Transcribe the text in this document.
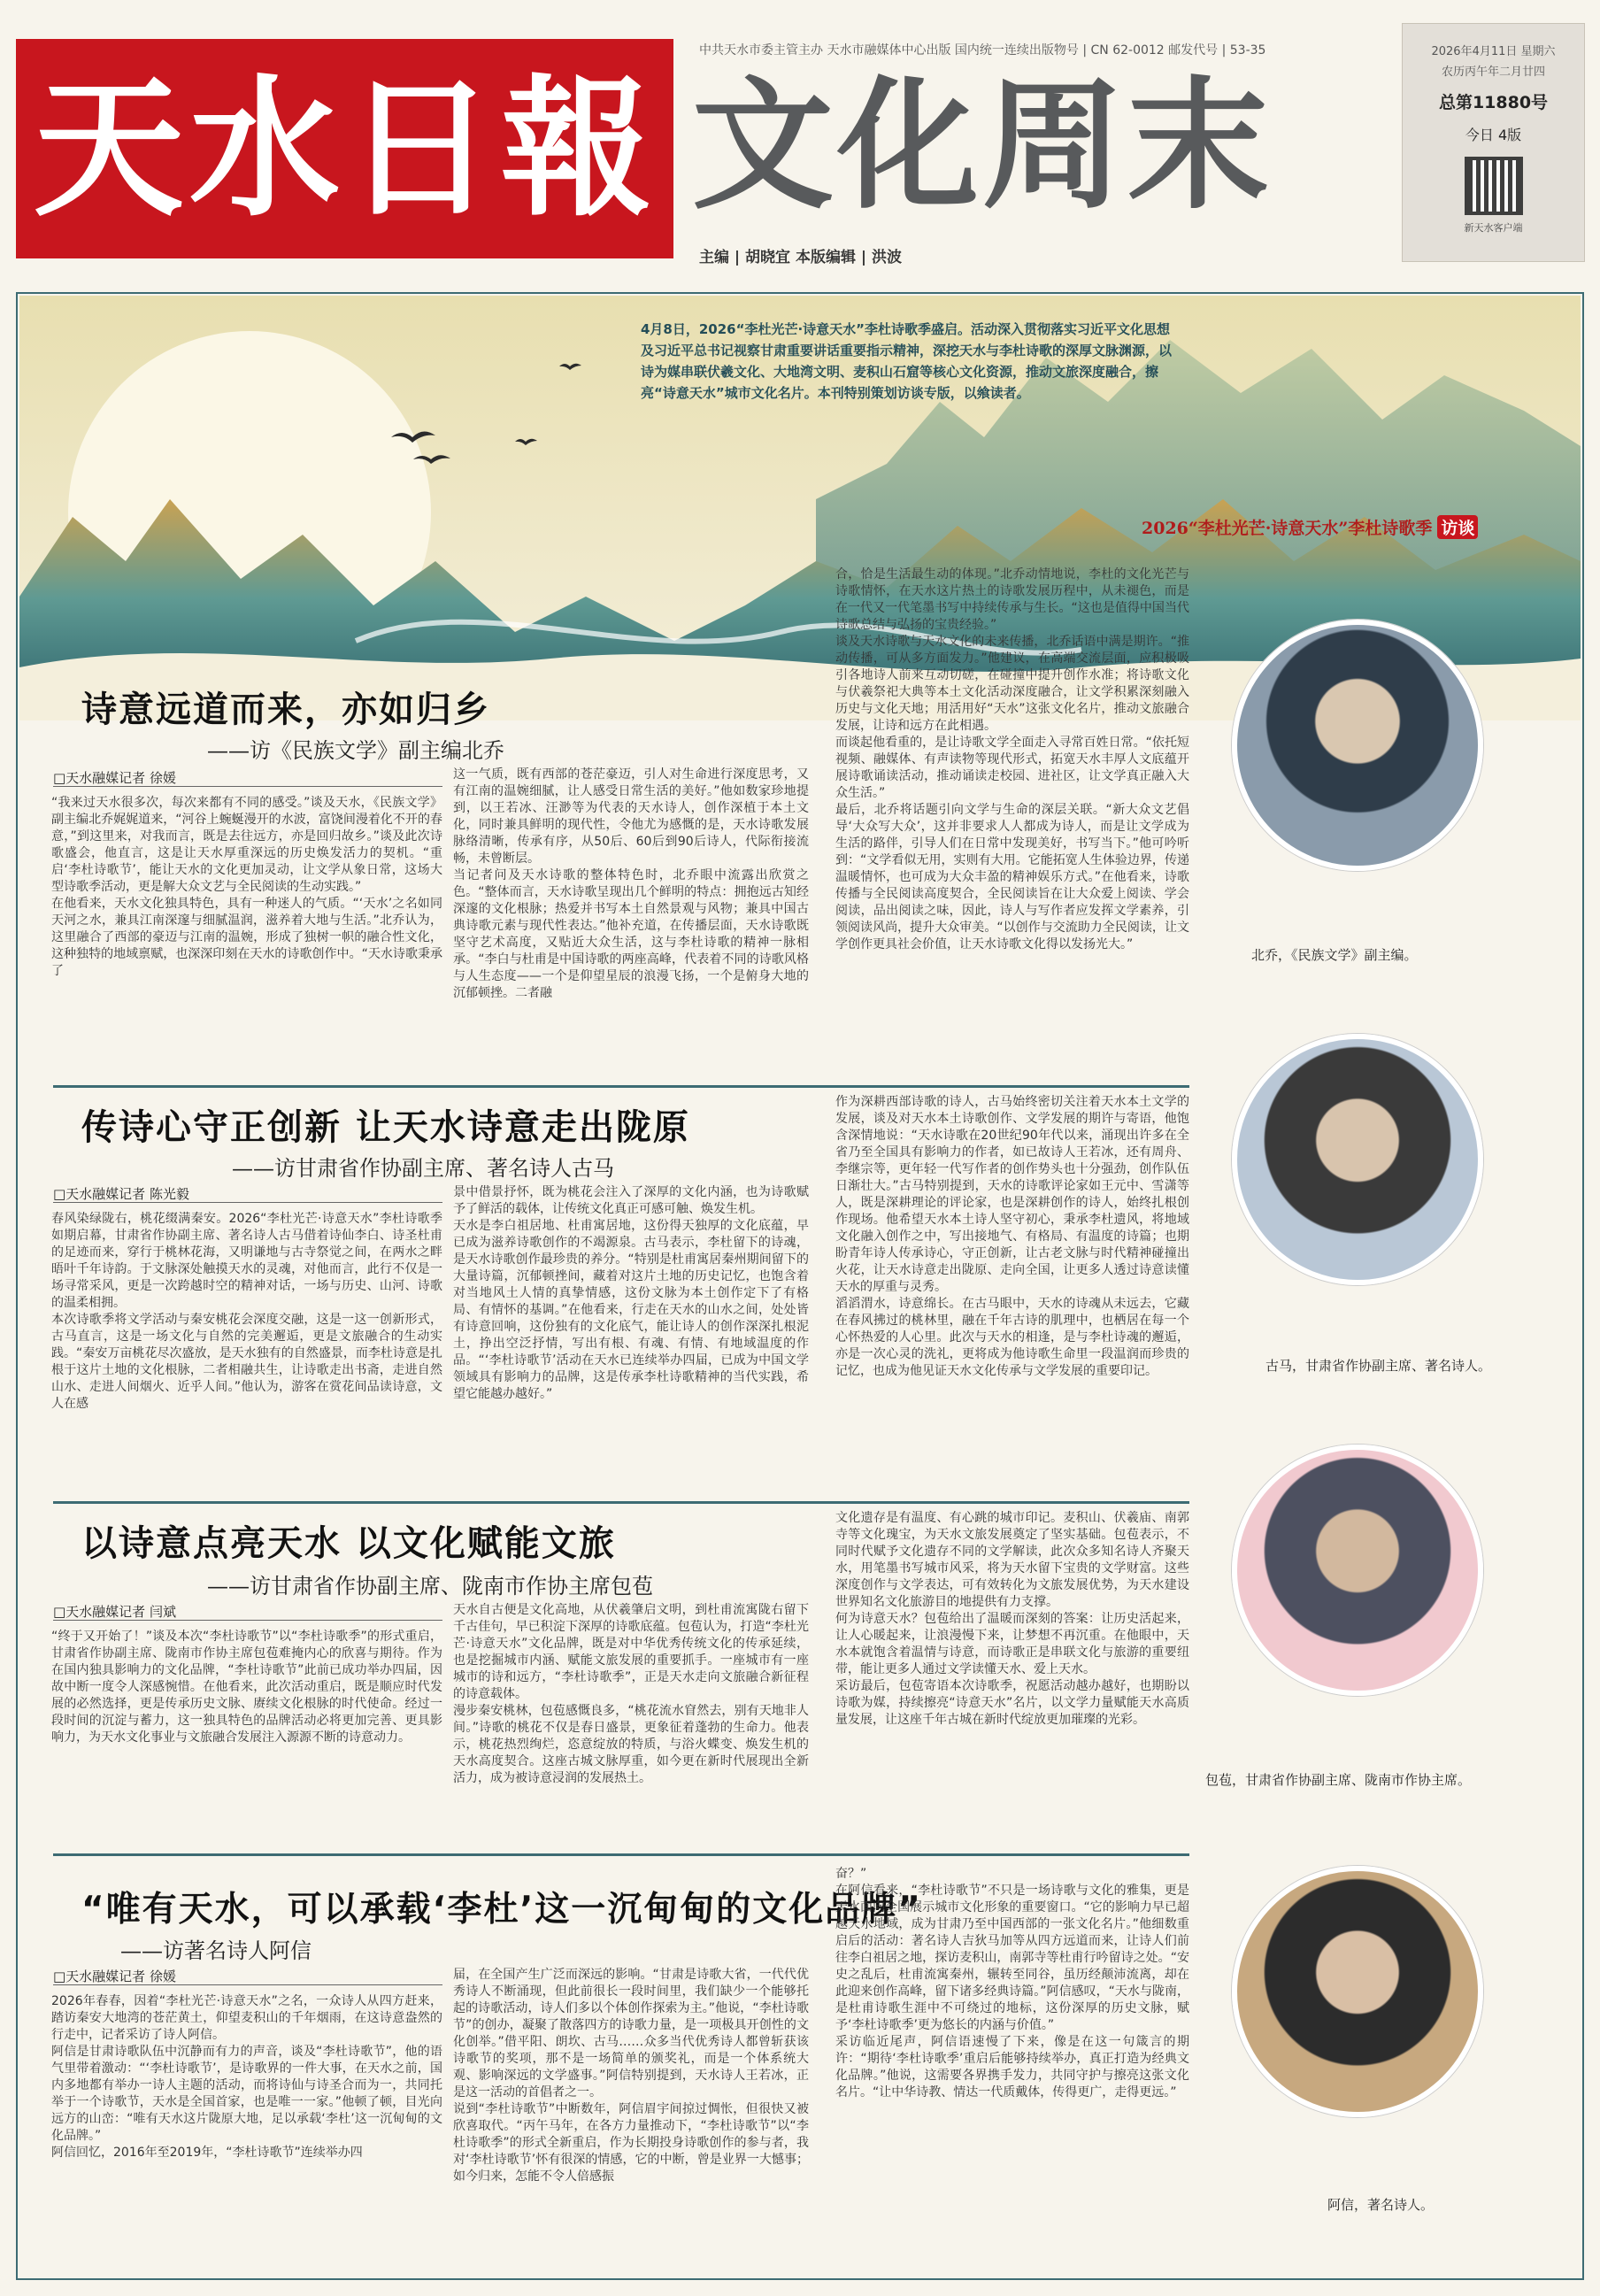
天水日報
中共天水市委主管主办 天水市融媒体中心出版 国内统一连续出版物号 | CN 62-0012 邮发代号 | 53-35
文化周末
主编 | 胡晓宜 本版编辑 | 洪波
2026年4月11日 星期六
农历丙午年二月廿四
总第11880号
今日 4版
新天水客户端
4月8日，2026“李杜光芒·诗意天水”李杜诗歌季盛启。活动深入贯彻落实习近平文化思想及习近平总书记视察甘肃重要讲话重要指示精神，深挖天水与李杜诗歌的深厚文脉渊源，以诗为媒串联伏羲文化、大地湾文明、麦积山石窟等核心文化资源，推动文旅深度融合，擦亮“诗意天水”城市文化名片。本刊特别策划访谈专版，以飨读者。
2026“李杜光芒·诗意天水”李杜诗歌季 访谈
诗意远道而来，亦如归乡
——访《民族文学》副主编北乔
□天水融媒记者 徐媛
“我来过天水很多次，每次来都有不同的感受。”谈及天水，《民族文学》副主编北乔娓娓道来，“河谷上蜿蜒漫开的水波，富饶间漫着化不开的春意，”到这里来，对我而言，既是去往远方，亦是回归故乡。”谈及此次诗歌盛会，他直言，这是让天水厚重深远的历史焕发活力的契机。“重启‘李杜诗歌节’，能让天水的文化更加灵动，让文学从象日常，这场大型诗歌季活动，更是解大众文艺与全民阅读的生动实践。”
在他看来，天水文化独具特色，具有一种迷人的气质。“‘天水’之名如同天河之水，兼具江南深邃与细腻温润，滋养着大地与生活。”北乔认为，这里融合了西部的豪迈与江南的温婉，形成了独树一帜的融合性文化，这种独特的地域禀赋，也深深印刻在天水的诗歌创作中。“天水诗歌秉承了
这一气质，既有西部的苍茫豪迈，引人对生命进行深度思考，又有江南的温婉细腻，让人感受日常生活的美好。”他如数家珍地提到，以王若冰、汪渺等为代表的天水诗人，创作深植于本土文化，同时兼具鲜明的现代性，令他尤为感慨的是，天水诗歌发展脉络清晰，传承有序，从50后、60后到90后诗人，代际衔接流畅，未曾断层。
当记者问及天水诗歌的整体特色时，北乔眼中流露出欣赏之色。“整体而言，天水诗歌呈现出几个鲜明的特点：拥抱远古知经深邃的文化根脉；热爱并书写本土自然景观与风物；兼具中国古典诗歌元素与现代性表达。”他补充道，在传播层面，天水诗歌既坚守艺术高度，又贴近大众生活，这与李杜诗歌的精神一脉相承。“李白与杜甫是中国诗歌的两座高峰，代表着不同的诗歌风格与人生态度——一个是仰望星辰的浪漫飞扬，一个是俯身大地的沉郁顿挫。二者融
合，恰是生活最生动的体现。”北乔动情地说，李杜的文化光芒与诗歌情怀，在天水这片热土的诗歌发展历程中，从未褪色，而是在一代又一代笔墨书写中持续传承与生长。“这也是值得中国当代诗歌总结与弘扬的宝贵经验。”
谈及天水诗歌与天水文化的未来传播，北乔话语中满是期许。“推动传播，可从多方面发力。”他建议，在高端交流层面，应积极吸引各地诗人前来互动切磋，在碰撞中提升创作水准；将诗歌文化与伏羲祭祀大典等本土文化活动深度融合，让文学积累深刻融入历史与文化天地；用活用好“天水”这张文化名片，推动文旅融合发展，让诗和远方在此相遇。
而谈起他看重的，是让诗歌文学全面走入寻常百姓日常。“依托短视频、融媒体、有声读物等现代形式，拓宽天水丰厚人文底蕴开展诗歌诵读活动，推动诵读走校园、进社区，让文学真正融入大众生活。”
最后，北乔将话题引向文学与生命的深层关联。“新大众文艺倡导‘大众写大众’，这并非要求人人都成为诗人，而是让文学成为生活的路伴，引导人们在日常中发现美好，书写当下。”他可吟听到：“文学看似无用，实则有大用。它能拓宽人生体验边界，传递温暖情怀，也可成为大众丰盈的精神娱乐方式。”在他看来，诗歌传播与全民阅读高度契合，全民阅读旨在让大众爱上阅读、学会阅读，品出阅读之味，因此，诗人与写作者应发挥文学素养，引领阅读风尚，提升大众审美。“以创作与交流助力全民阅读，让文学创作更具社会价值，让天水诗歌文化得以发扬光大。”
北乔，《民族文学》副主编。
传诗心守正创新 让天水诗意走出陇原
——访甘肃省作协副主席、著名诗人古马
□天水融媒记者 陈光毅
春风染绿陇右，桃花缀满秦安。2026“李杜光芒·诗意天水”李杜诗歌季如期启幕，甘肃省作协副主席、著名诗人古马借着诗仙李白、诗圣杜甫的足迹而来，穿行于桃林花海，又明谦地与古寺祭觉之间，在两水之畔晤叶千年诗韵。于文脉深处触摸天水的灵魂，对他而言，此行不仅是一场寻常采风，更是一次跨越时空的精神对话，一场与历史、山河、诗歌的温柔相拥。
本次诗歌季将文学活动与秦安桃花会深度交融，这是一这一创新形式，古马直言，这是一场文化与自然的完美邂逅，更是文旅融合的生动实践。“秦安万亩桃花尽次盛放，是天水独有的自然盛景，而李杜诗意是扎根于这片土地的文化根脉，二者相融共生，让诗歌走出书斋，走进自然山水、走进人间烟火、近乎人间。”他认为，游客在赏花间品读诗意，文人在感
景中借景抒怀，既为桃花会注入了深厚的文化内涵，也为诗歌赋予了鲜活的载体，让传统文化真正可感可触、焕发生机。
天水是李白祖居地、杜甫寓居地，这份得天独厚的文化底蕴，早已成为滋养诗歌创作的不竭源泉。古马表示，李杜留下的诗魂，是天水诗歌创作最珍贵的养分。“特别是杜甫寓居秦州期间留下的大量诗篇，沉郁顿挫间，藏着对这片土地的历史记忆，也饱含着对当地风土人情的真挚情感，这份文脉为本土创作定下了有格局、有情怀的基调。”在他看来，行走在天水的山水之间，处处皆有诗意回响，这份独有的文化底气，能让诗人的创作深深扎根泥土，挣出空泛抒情，写出有根、有魂、有情、有地域温度的作品。“‘李杜诗歌节’活动在天水已连续举办四届，已成为中国文学领域具有影响力的品牌，这是传承李杜诗歌精神的当代实践，希望它能越办越好。”
作为深耕西部诗歌的诗人，古马始终密切关注着天水本土文学的发展，谈及对天水本土诗歌创作、文学发展的期许与寄语，他饱含深情地说：“天水诗歌在20世纪90年代以来，涌现出许多在全省乃至全国具有影响力的作者，如已故诗人王若冰，还有周舟、李继宗等，更年轻一代写作者的创作势头也十分强劲，创作队伍日渐壮大。”古马特别提到，天水的诗歌评论家如王元中、雪潇等人，既是深耕理论的评论家，也是深耕创作的诗人，始终扎根创作现场。他希望天水本土诗人坚守初心，秉承李杜遗风，将地域文化融入创作之中，写出接地气、有格局、有温度的诗篇；也期盼青年诗人传承诗心，守正创新，让古老文脉与时代精神碰撞出火花，让天水诗意走出陇原、走向全国，让更多人透过诗意读懂天水的厚重与灵秀。
滔滔渭水，诗意绵长。在古马眼中，天水的诗魂从未远去，它藏在春风拂过的桃林里，融在千年古诗的肌理中，也栖居在每一个心怀热爱的人心里。此次与天水的相逢，是与李杜诗魂的邂逅，亦是一次心灵的洗礼，更将成为他诗歌生命里一段温润而珍贵的记忆，也成为他见证天水文化传承与文学发展的重要印记。	古马，甘肃省作协副主席、著名诗人。
以诗意点亮天水 以文化赋能文旅
——访甘肃省作协副主席、陇南市作协主席包苞
□天水融媒记者 闫斌
“终于又开始了！”谈及本次“李杜诗歌节”以“李杜诗歌季”的形式重启，甘肃省作协副主席、陇南市作协主席包苞难掩内心的欣喜与期待。作为在国内独具影响力的文化品牌，“李杜诗歌节”此前已成功举办四届，因故中断一度令人深感惋惜。在他看来，此次活动重启，既是顺应时代发展的必然选择，更是传承历史文脉、赓续文化根脉的时代使命。经过一段时间的沉淀与蓄力，这一独具特色的品牌活动必将更加完善、更具影响力，为天水文化事业与文旅融合发展注入源源不断的诗意动力。
天水自古便是文化高地，从伏羲肇启文明，到杜甫流寓陇右留下千古佳句，早已积淀下深厚的诗歌底蕴。包苞认为，打造“李杜光芒·诗意天水”文化品牌，既是对中华优秀传统文化的传承延续，也是挖掘城市内涵、赋能文旅发展的重要抓手。一座城市有一座城市的诗和远方，“李杜诗歌季”，正是天水走向文旅融合新征程的诗意载体。
漫步秦安桃林，包苞感慨良多，“桃花流水窅然去，别有天地非人间。”诗歌的桃花不仅是春日盛景，更象征着蓬勃的生命力。他表示，桃花热烈绚烂，恣意绽放的特质，与浴火蝶变、焕发生机的天水高度契合。这座古城文脉厚重，如今更在新时代展现出全新活力，成为被诗意浸润的发展热土。
文化遗存是有温度、有心跳的城市印记。麦积山、伏羲庙、南郭寺等文化瑰宝，为天水文旅发展奠定了坚实基础。包苞表示，不同时代赋予文化遗存不同的文学解读，此次众多知名诗人齐聚天水，用笔墨书写城市风采，将为天水留下宝贵的文学财富。这些深度创作与文学表达，可有效转化为文旅发展优势，为天水建设世界知名文化旅游目的地提供有力支撑。
何为诗意天水？包苞给出了温暖而深刻的答案：让历史活起来，让人心暖起来，让浪漫慢下来，让梦想不再沉重。在他眼中，天水本就饱含着温情与诗意，而诗歌正是串联文化与旅游的重要纽带，能让更多人通过文学读懂天水、爱上天水。
采访最后，包苞寄语本次诗歌季，祝愿活动越办越好，也期盼以诗歌为媒，持续擦亮“诗意天水”名片，以文学力量赋能天水高质量发展，让这座千年古城在新时代绽放更加璀璨的光彩。
包苞，甘肃省作协副主席、陇南市作协主席。
“唯有天水，可以承载‘李杜’这一沉甸甸的文化品牌”
——访著名诗人阿信
□天水融媒记者 徐媛
2026年春春，因着“李杜光芒·诗意天水”之名，一众诗人从四方赶来，踏访秦安大地湾的苍茫黄土，仰望麦积山的千年烟雨，在这诗意盎然的行走中，记者采访了诗人阿信。
阿信是甘肃诗歌队伍中沉静而有力的声音，谈及“李杜诗歌节”，他的语气里带着激动：“‘李杜诗歌节’，是诗歌界的一件大事，在天水之前，国内多地都有举办一诗人主题的活动，而将诗仙与诗圣合而为一，共同托举于一个诗歌节，天水是全国首家，也是唯一一家。”他顿了顿，目光向远方的山峦：“唯有天水这片陇原大地，足以承载‘李杜’这一沉甸甸的文化品牌。”
阿信回忆，2016年至2019年，“李杜诗歌节”连续举办四
届，在全国产生广泛而深远的影响。“甘肃是诗歌大省，一代代优秀诗人不断涌现，但此前很长一段时间里，我们缺少一个能够托起的诗歌活动，诗人们多以个体创作探索为主。”他说，“李杜诗歌节”的创办，凝聚了散落四方的诗歌力量，是一项极具开创性的文化创举。”借平阳、朗坎、古马……众多当代优秀诗人都曾斩获该诗歌节的奖项，那不是一场简单的颁奖礼，而是一个体系统大观、影响深远的文学盛事。”阿信特别提到，天水诗人王若冰，正是这一活动的首倡者之一。
说到“李杜诗歌节”中断数年，阿信眉宇间掠过惆怅，但很快又被欣喜取代。“丙午马年，在各方力量推动下，“李杜诗歌节”以“李杜诗歌季”的形式全新重启，作为长期投身诗歌创作的参与者，我对‘李杜诗歌节’怀有很深的情感，它的中断，曾是业界一大憾事；如今归来，怎能不令人倍感振
奋？”
在阿信看来，“李杜诗歌节”不只是一场诗歌与文化的雅集，更是天水面向全国展示城市文化形象的重要窗口。“它的影响力早已超越天水地域，成为甘肃乃至中国西部的一张文化名片。”他细数重启后的活动：著名诗人吉狄马加等从四方远道而来，让诗人们前往李白祖居之地，探访麦积山，南郭寺等杜甫行吟留诗之处。“安史之乱后，杜甫流寓秦州，辗转至同谷，虽历经颠沛流离，却在此迎来创作高峰，留下诸多经典诗篇。”阿信感叹，“天水与陇南，是杜甫诗歌生涯中不可绕过的地标，这份深厚的历史文脉，赋予‘李杜诗歌季’更为悠长的内涵与价值。”
采访临近尾声，阿信语速慢了下来，像是在这一句箴言的期许：“期待‘李杜诗歌季’重启后能够持续举办，真正打造为经典文化品牌。”他说，这需要各界携手发力，共同守护与擦亮这张文化名片。“让中华诗教、情达一代质戴体，传得更广，走得更远。”
阿信，著名诗人。
